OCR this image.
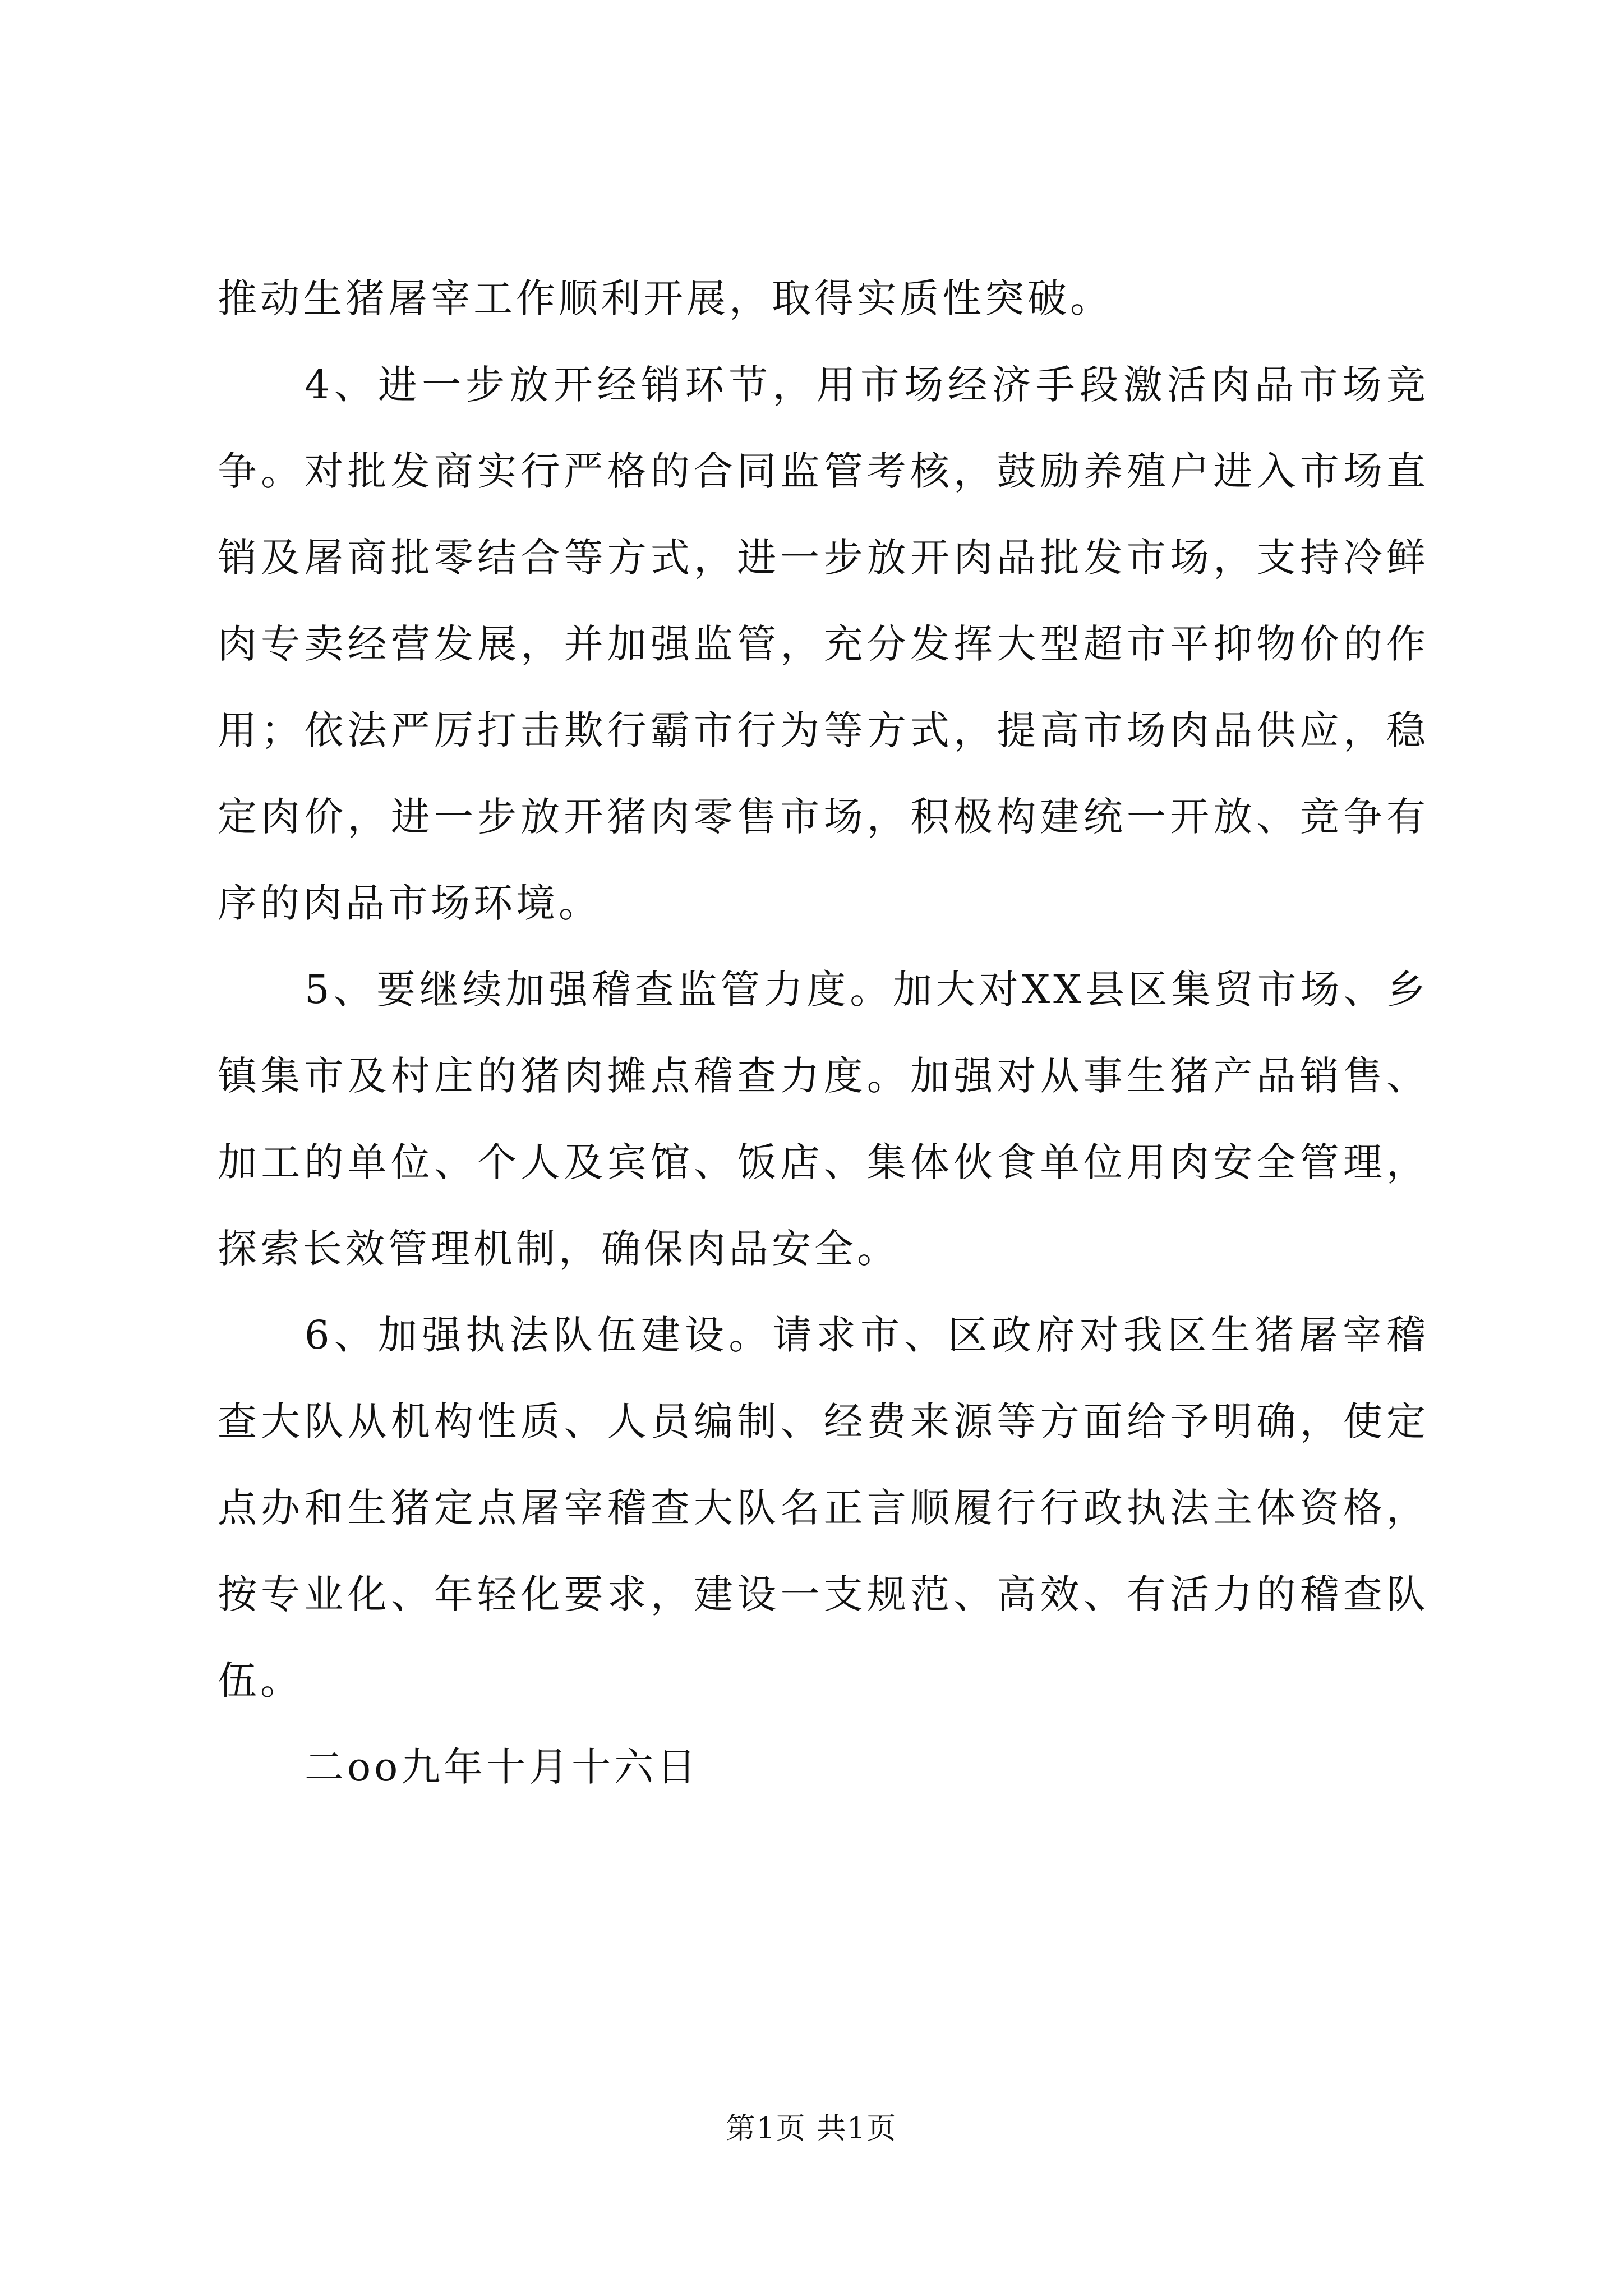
推动生猪屠宰工作顺利开展，取得实质性突破。

4、进一步放开经销环节，用市场经济手段激活肉品市场竞争。对批发商实行严格的合同监管考核，鼓励养殖户进入市场直销及屠商批零结合等方式，进一步放开肉品批发市场，支持冷鲜肉专卖经营发展，并加强监管，充分发挥大型超市平抑物价的作用；依法严厉打击欺行霸市行为等方式，提高市场肉品供应，稳定肉价，进一步放开猪肉零售市场，积极构建统一开放、竞争有序的肉品市场环境。

5、要继续加强稽查监管力度。加大对XX县区集贸市场、乡镇集市及村庄的猪肉摊点稽查力度。加强对从事生猪产品销售、加工的单位、个人及宾馆、饭店、集体伙食单位用肉安全管理，探索长效管理机制，确保肉品安全。

6、加强执法队伍建设。请求市、区政府对我区生猪屠宰稽查大队从机构性质、人员编制、经费来源等方面给予明确，使定点办和生猪定点屠宰稽查大队名正言顺履行行政执法主体资格，按专业化、年轻化要求，建设一支规范、高效、有活力的稽查队伍。

二oo九年十月十六日

第1页 共1页
